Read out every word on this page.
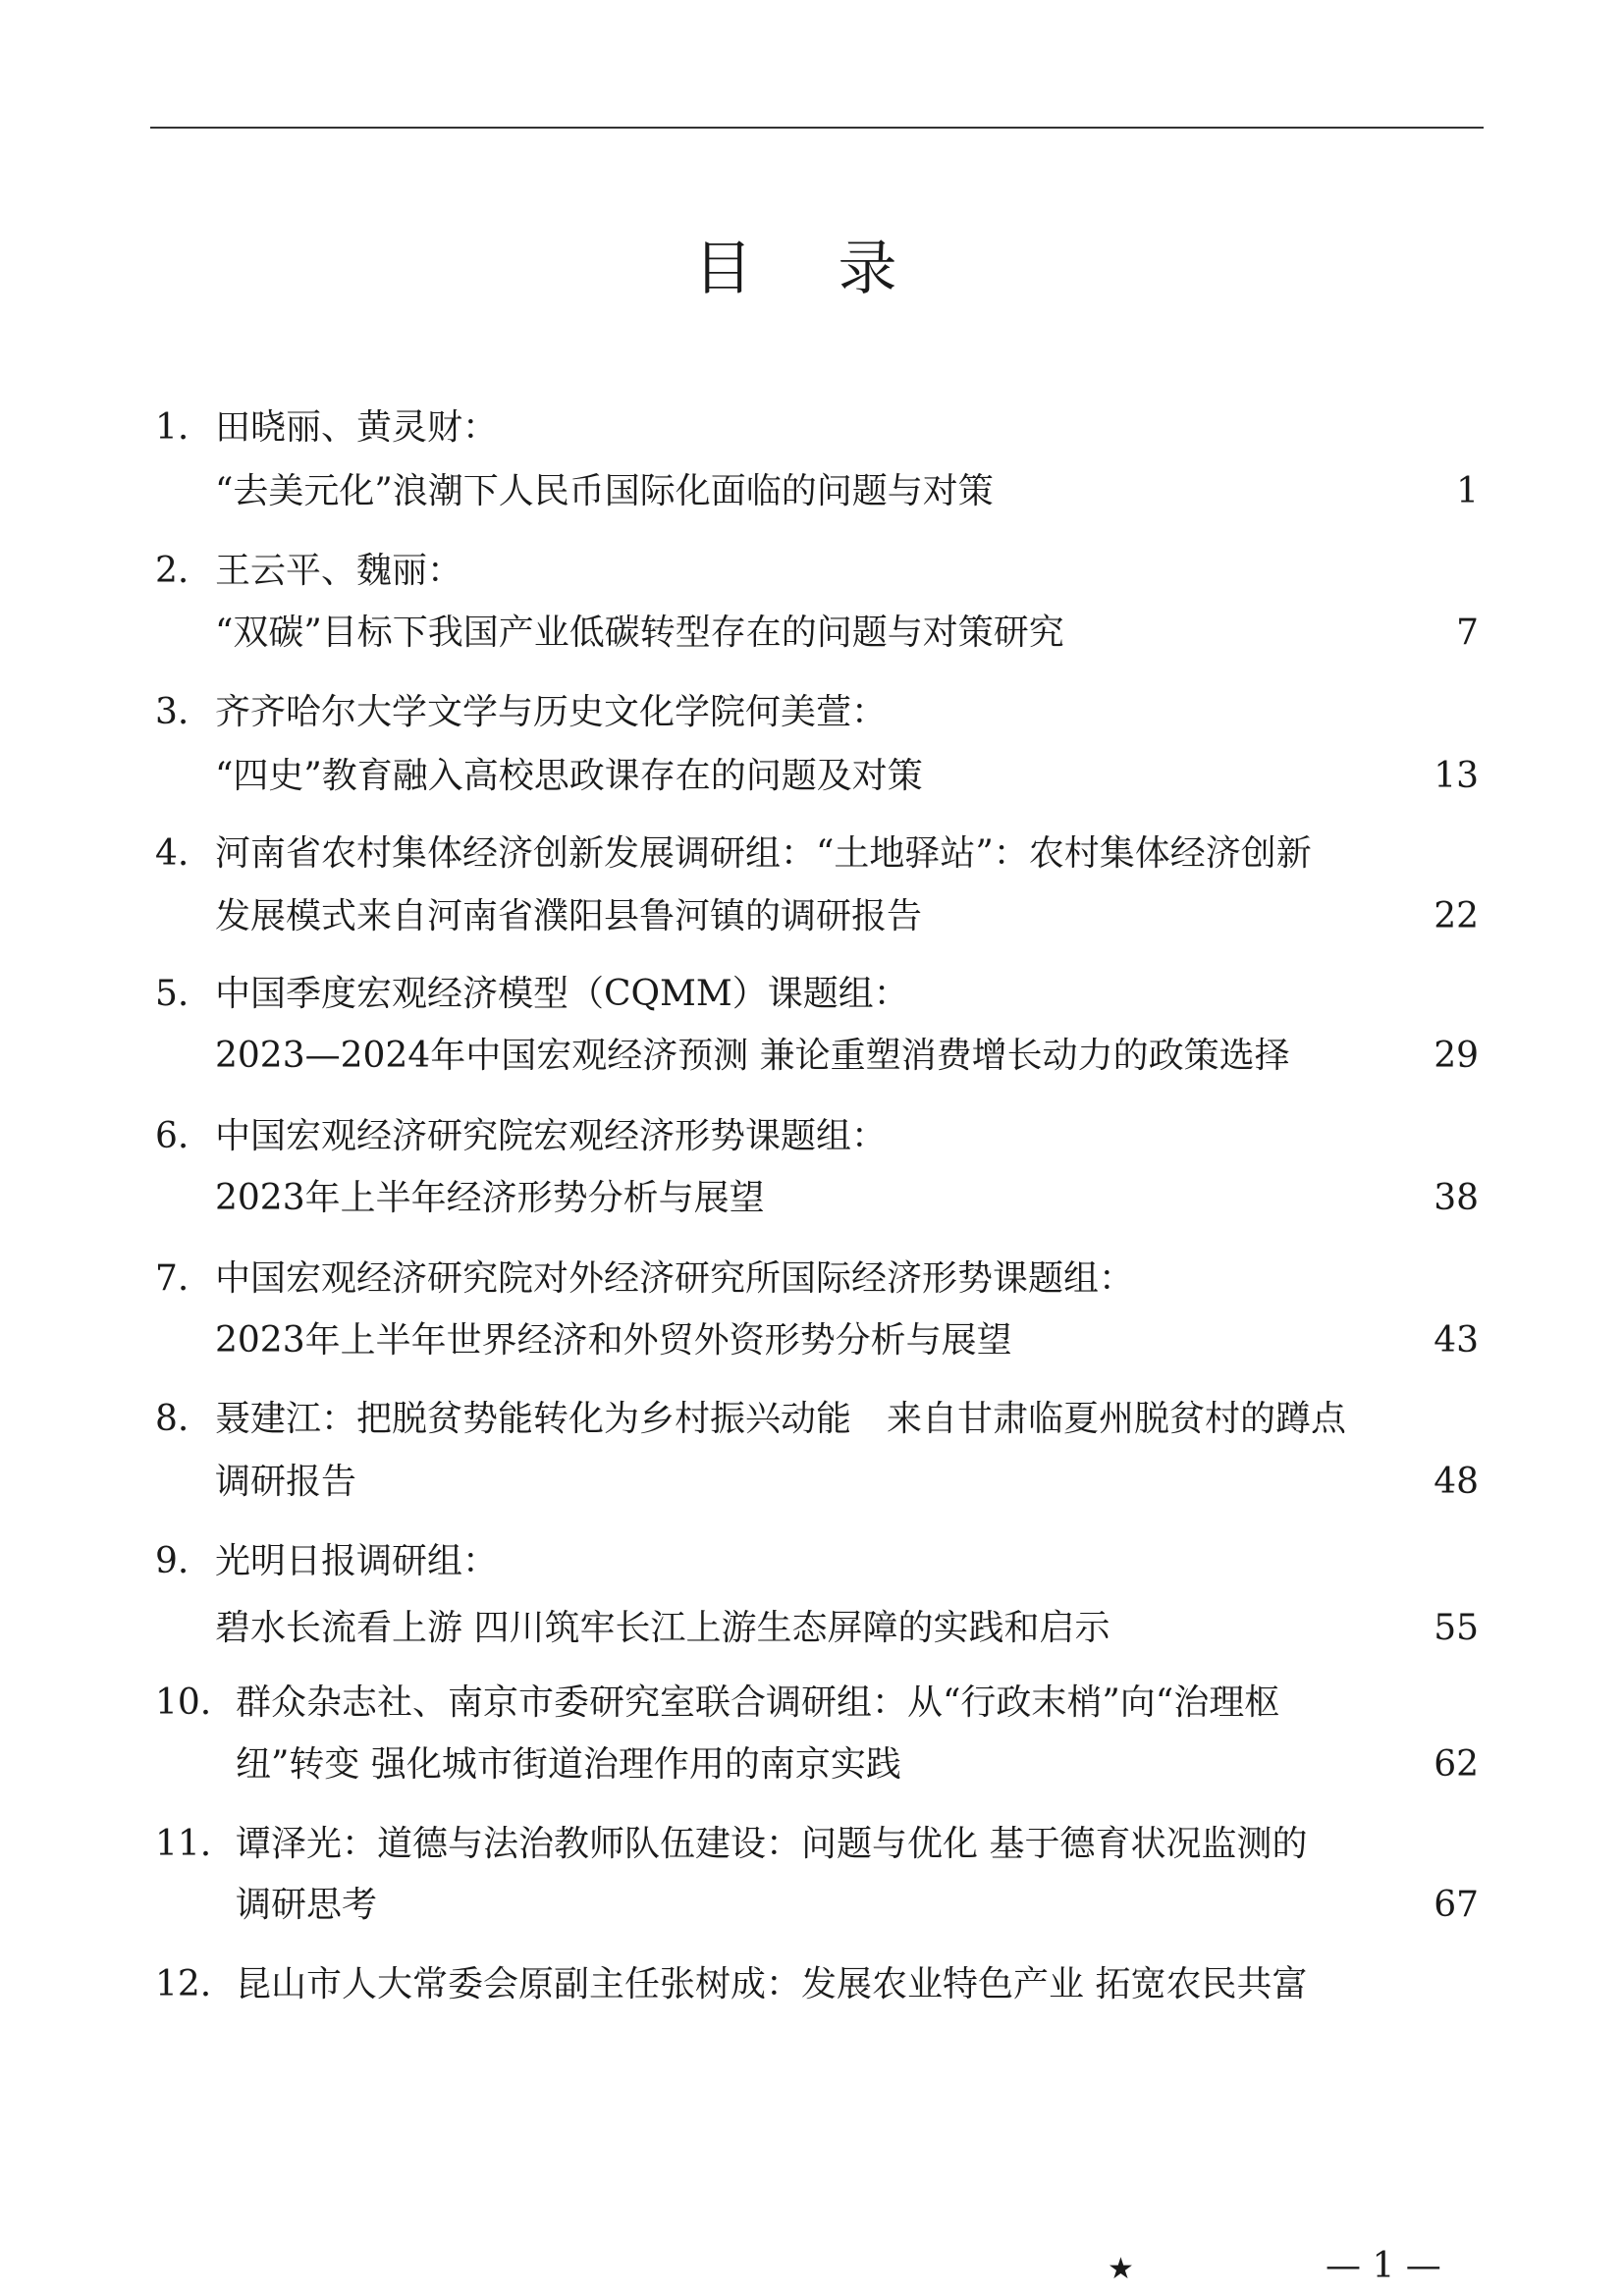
目 录
1. 田晓丽、黄灵财：
“去美元化”浪潮下人民币国际化面临的问题与对策	1
2. 王云平、魏丽：
“双碳”目标下我国产业低碳转型存在的问题与对策研究	7
3. 齐齐哈尔大学文学与历史文化学院何美萱：
“四史”教育融入高校思政课存在的问题及对策	13
4. 河南省农村集体经济创新发展调研组：“土地驿站”：农村集体经济创新
发展模式来自河南省濮阳县鲁河镇的调研报告	22
5. 中国季度宏观经济模型（CQMM）课题组：
2023—2024年中国宏观经济预测 兼论重塑消费增长动力的政策选择	29
6. 中国宏观经济研究院宏观经济形势课题组：
2023年上半年经济形势分析与展望	38
7. 中国宏观经济研究院对外经济研究所国际经济形势课题组：
2023年上半年世界经济和外贸外资形势分析与展望	43
8. 聂建江：把脱贫势能转化为乡村振兴动能　来自甘肃临夏州脱贫村的蹲点
调研报告	48
9. 光明日报调研组：
碧水长流看上游 四川筑牢长江上游生态屏障的实践和启示	55
10. 群众杂志社、南京市委研究室联合调研组：从“行政末梢”向“治理枢
纽”转变 强化城市街道治理作用的南京实践	62
11. 谭泽光：道德与法治教师队伍建设：问题与优化 基于德育状况监测的
调研思考	67
12. 昆山市人大常委会原副主任张树成：发展农业特色产业 拓宽农民共富
★	— 1 —
